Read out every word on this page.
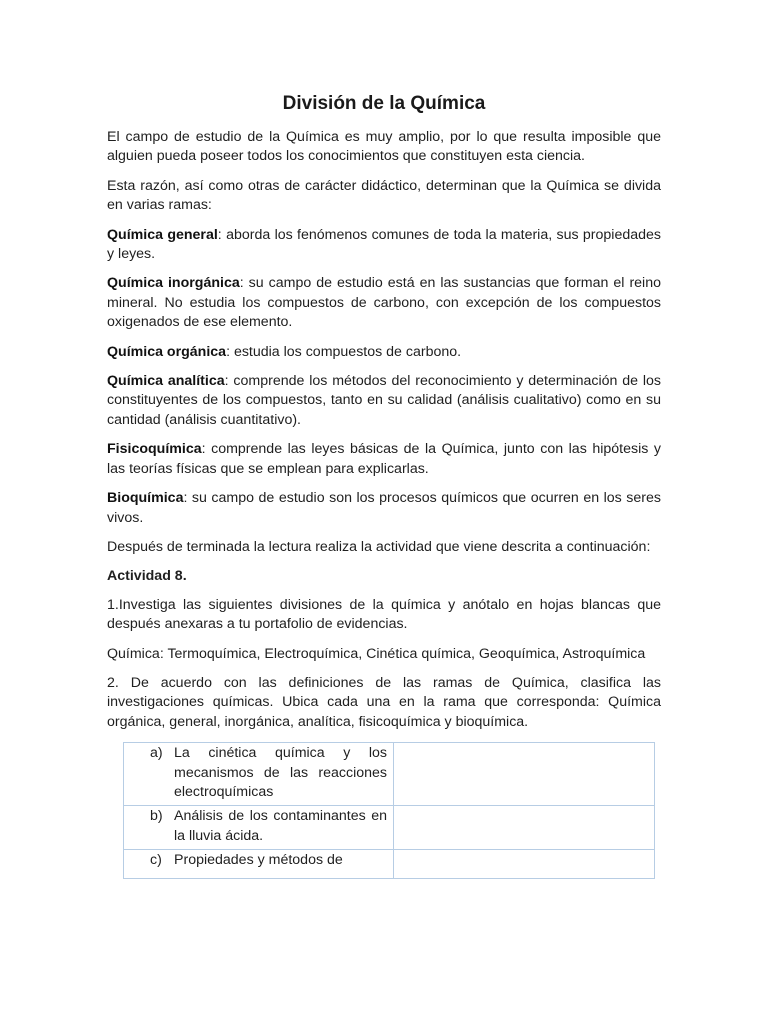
División de la Química

El campo de estudio de la Química es muy amplio, por lo que resulta imposible que alguien pueda poseer todos los conocimientos que constituyen esta ciencia.

Esta razón, así como otras de carácter didáctico, determinan que la Química se divida en varias ramas:

Química general: aborda los fenómenos comunes de toda la materia, sus propiedades y leyes.

Química inorgánica: su campo de estudio está en las sustancias que forman el reino mineral. No estudia los compuestos de carbono, con excepción de los compuestos oxigenados de ese elemento.

Química orgánica: estudia los compuestos de carbono.

Química analítica: comprende los métodos del reconocimiento y determinación de los constituyentes de los compuestos, tanto en su calidad (análisis cualitativo) como en su cantidad (análisis cuantitativo).

Fisicoquímica: comprende las leyes básicas de la Química, junto con las hipótesis y las teorías físicas que se emplean para explicarlas.

Bioquímica: su campo de estudio son los procesos químicos que ocurren en los seres vivos.

Después de terminada la lectura realiza la actividad que viene descrita a continuación:

Actividad 8.

1.Investiga las siguientes divisiones de la química y anótalo en hojas blancas que después anexaras a tu portafolio de evidencias.

Química: Termoquímica, Electroquímica, Cinética química, Geoquímica, Astroquímica

2. De acuerdo con las definiciones de las ramas de Química, clasifica las investigaciones químicas. Ubica cada una en la rama que corresponda: Química orgánica, general, inorgánica, analítica, fisicoquímica y bioquímica.

a) La cinética química y los mecanismos de las reacciones electroquímicas	

b) Análisis de los contaminantes en la lluvia ácida.	

c) Propiedades y métodos de	
